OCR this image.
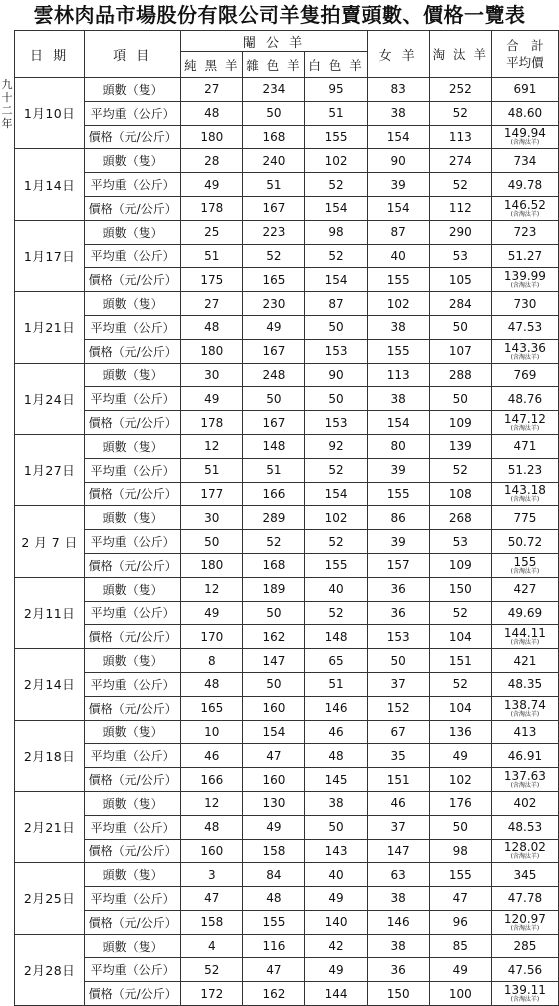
雲林肉品市場股份有限公司羊隻拍賣頭數、價格一覽表
九十二年
日 期	項 目	閹 公 羊			女 羊	淘 汰 羊	合　計
平均價

		純 黑 羊	雜 色 羊	白 色 羊			
1月10日	頭數（隻）	27	234	95	83	252	691
	平均重（公斤）	48	50	51	38	52	48.60
	價格（元/公斤）	180	168	155	154	113	149.94
(含淘汰羊)

1月14日	頭數（隻）	28	240	102	90	274	734
	平均重（公斤）	49	51	52	39	52	49.78
	價格（元/公斤）	178	167	154	154	112	146.52
(含淘汰羊)

1月17日	頭數（隻）	25	223	98	87	290	723
	平均重（公斤）	51	52	52	40	53	51.27
	價格（元/公斤）	175	165	154	155	105	139.99
(含淘汰羊)

1月21日	頭數（隻）	27	230	87	102	284	730
	平均重（公斤）	48	49	50	38	50	47.53
	價格（元/公斤）	180	167	153	155	107	143.36
(含淘汰羊)

1月24日	頭數（隻）	30	248	90	113	288	769
	平均重（公斤）	49	50	50	38	50	48.76
	價格（元/公斤）	178	167	153	154	109	147.12
(含淘汰羊)

1月27日	頭數（隻）	12	148	92	80	139	471
	平均重（公斤）	51	51	52	39	52	51.23
	價格（元/公斤）	177	166	154	155	108	143.18
(含淘汰羊)

2 月 7 日	頭數（隻）	30	289	102	86	268	775
	平均重（公斤）	50	52	52	39	53	50.72
	價格（元/公斤）	180	168	155	157	109	155
(含淘汰羊)

2月11日	頭數（隻）	12	189	40	36	150	427
	平均重（公斤）	49	50	52	36	52	49.69
	價格（元/公斤）	170	162	148	153	104	144.11
(含淘汰羊)

2月14日	頭數（隻）	8	147	65	50	151	421
	平均重（公斤）	48	50	51	37	52	48.35
	價格（元/公斤）	165	160	146	152	104	138.74
(含淘汰羊)

2月18日	頭數（隻）	10	154	46	67	136	413
	平均重（公斤）	46	47	48	35	49	46.91
	價格（元/公斤）	166	160	145	151	102	137.63
(含淘汰羊)

2月21日	頭數（隻）	12	130	38	46	176	402
	平均重（公斤）	48	49	50	37	50	48.53
	價格（元/公斤）	160	158	143	147	98	128.02
(含淘汰羊)

2月25日	頭數（隻）	3	84	40	63	155	345
	平均重（公斤）	47	48	49	38	47	47.78
	價格（元/公斤）	158	155	140	146	96	120.97
(含淘汰羊)

2月28日	頭數（隻）	4	116	42	38	85	285
	平均重（公斤）	52	47	49	36	49	47.56
	價格（元/公斤）	172	162	144	150	100	139.11
(含淘汰羊)
